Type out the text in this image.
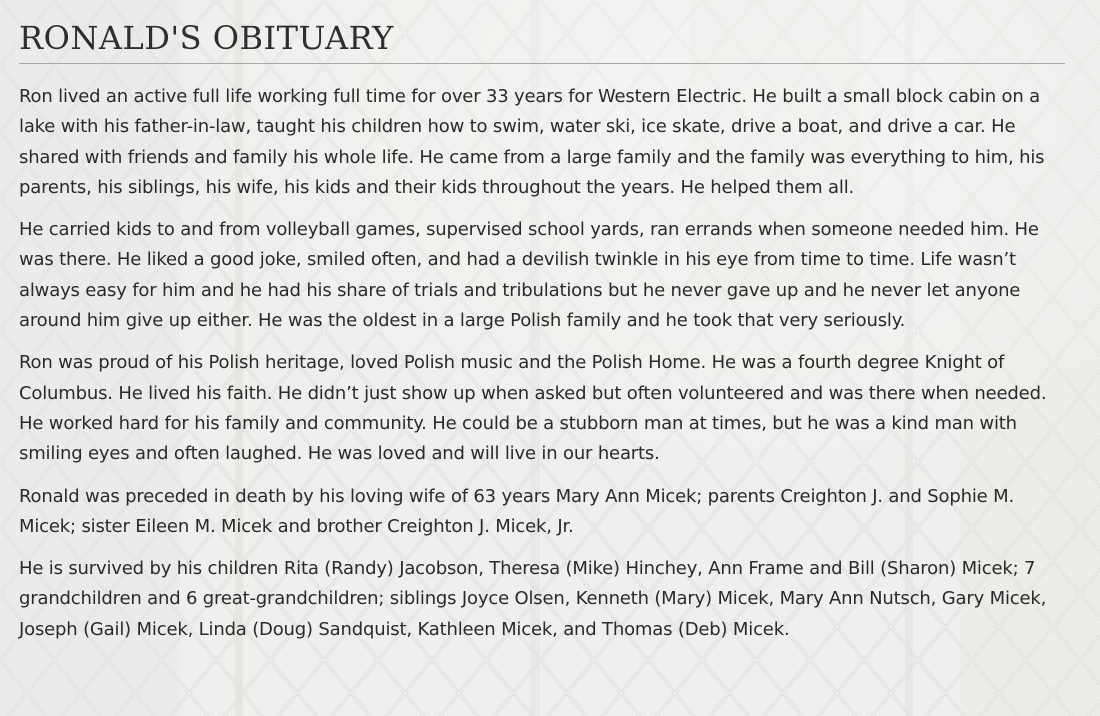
RONALD'S OBITUARY

Ron lived an active full life working full time for over 33 years for Western Electric. He built a small block cabin on a lake with his father-in-law, taught his children how to swim, water ski, ice skate, drive a boat, and drive a car. He shared with friends and family his whole life. He came from a large family and the family was everything to him, his parents, his siblings, his wife, his kids and their kids throughout the years. He helped them all.

He carried kids to and from volleyball games, supervised school yards, ran errands when someone needed him. He was there. He liked a good joke, smiled often, and had a devilish twinkle in his eye from time to time. Life wasn’t always easy for him and he had his share of trials and tribulations but he never gave up and he never let anyone around him give up either. He was the oldest in a large Polish family and he took that very seriously.

Ron was proud of his Polish heritage, loved Polish music and the Polish Home. He was a fourth degree Knight of Columbus. He lived his faith. He didn’t just show up when asked but often volunteered and was there when needed. He worked hard for his family and community. He could be a stubborn man at times, but he was a kind man with smiling eyes and often laughed. He was loved and will live in our hearts.

Ronald was preceded in death by his loving wife of 63 years Mary Ann Micek; parents Creighton J. and Sophie M. Micek; sister Eileen M. Micek and brother Creighton J. Micek, Jr.

He is survived by his children Rita (Randy) Jacobson, Theresa (Mike) Hinchey, Ann Frame and Bill (Sharon) Micek; 7 grandchildren and 6 great-grandchildren; siblings Joyce Olsen, Kenneth (Mary) Micek, Mary Ann Nutsch, Gary Micek, Joseph (Gail) Micek, Linda (Doug) Sandquist, Kathleen Micek, and Thomas (Deb) Micek.
